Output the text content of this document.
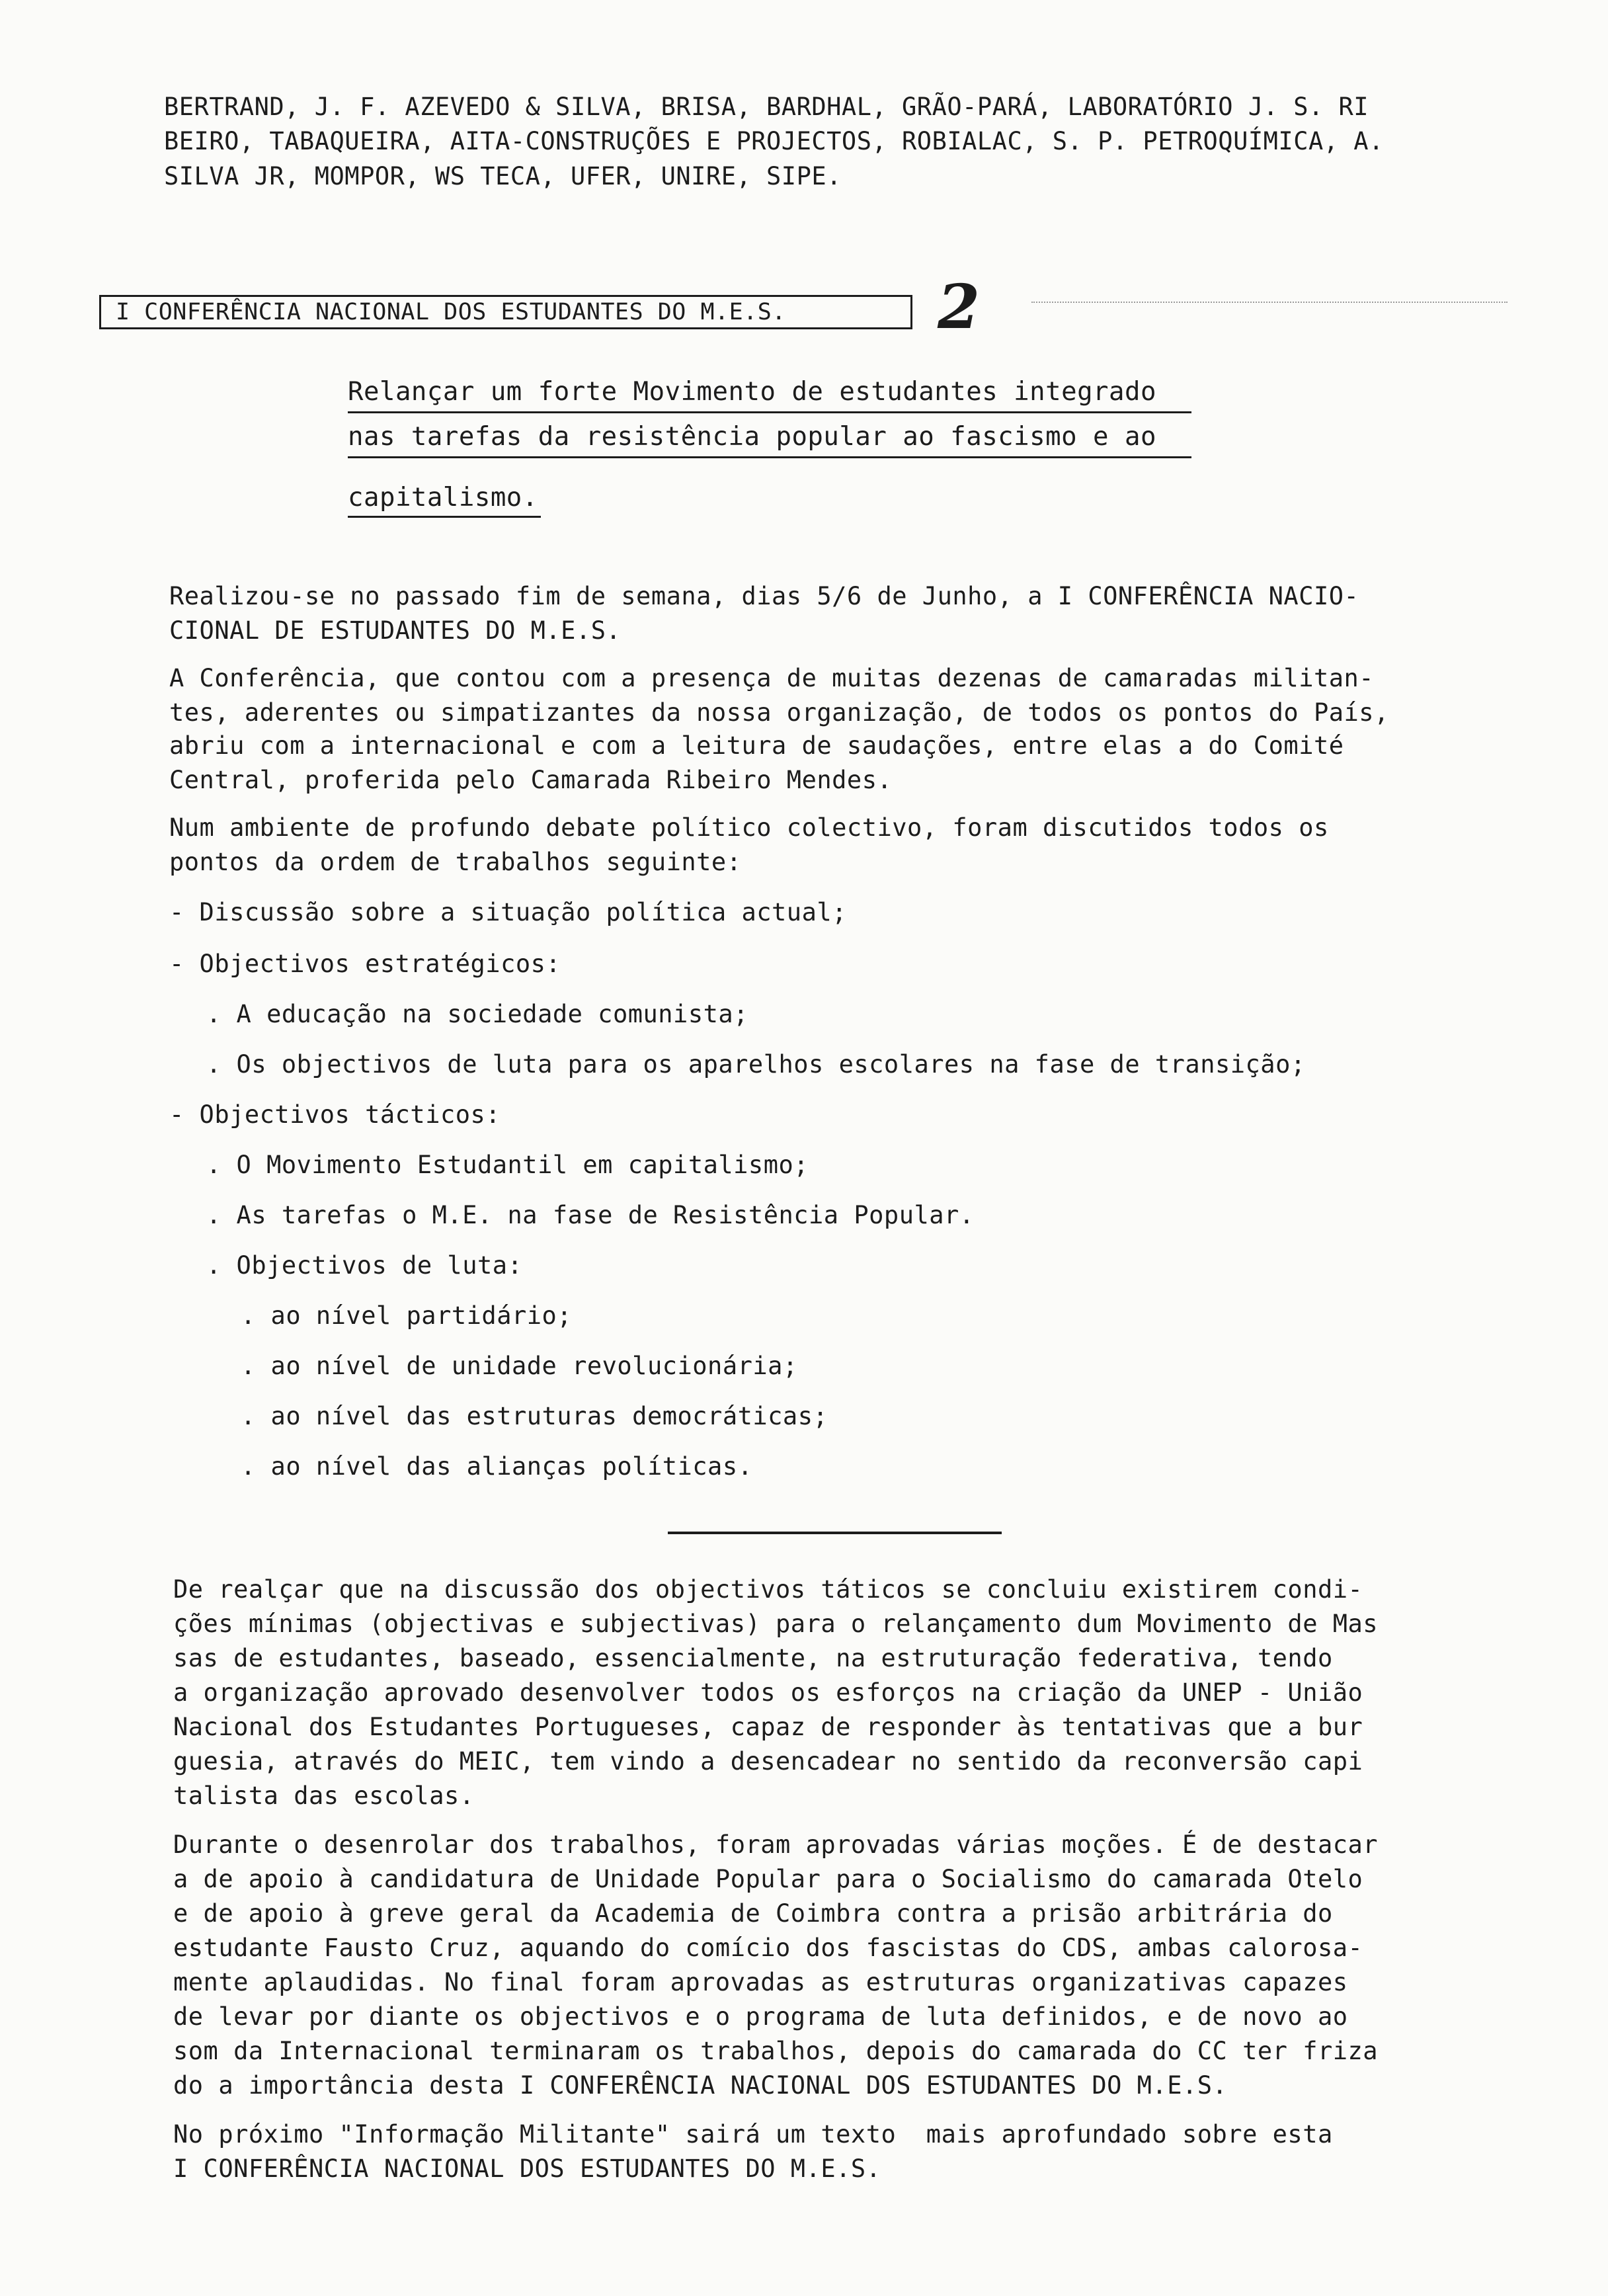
BERTRAND, J. F. AZEVEDO & SILVA, BRISA, BARDHAL, GRÃO-PARÁ, LABORATÓRIO J. S. RI
BEIRO, TABAQUEIRA, AITA-CONSTRUÇÕES E PROJECTOS, ROBIALAC, S. P. PETROQUÍMICA, A.
SILVA JR, MOMPOR, WS TECA, UFER, UNIRE, SIPE.
I CONFERÊNCIA NACIONAL DOS ESTUDANTES DO M.E.S.	2
Relançar um forte Movimento de estudantes integrado
nas tarefas da resistência popular ao fascismo e ao
capitalismo.
Realizou-se no passado fim de semana, dias 5/6 de Junho, a I CONFERÊNCIA NACIO-
CIONAL DE ESTUDANTES DO M.E.S.
A Conferência, que contou com a presença de muitas dezenas de camaradas militan-
tes, aderentes ou simpatizantes da nossa organização, de todos os pontos do País,
abriu com a internacional e com a leitura de saudações, entre elas a do Comité
Central, proferida pelo Camarada Ribeiro Mendes.
Num ambiente de profundo debate político colectivo, foram discutidos todos os
pontos da ordem de trabalhos seguinte:
- Discussão sobre a situação política actual;
- Objectivos estratégicos:
. A educação na sociedade comunista;
. Os objectivos de luta para os aparelhos escolares na fase de transição;
- Objectivos tácticos:
. O Movimento Estudantil em capitalismo;
. As tarefas o M.E. na fase de Resistência Popular.
. Objectivos de luta:
. ao nível partidário;
. ao nível de unidade revolucionária;
. ao nível das estruturas democráticas;
. ao nível das alianças políticas.
De realçar que na discussão dos objectivos táticos se concluiu existirem condi-
ções mínimas (objectivas e subjectivas) para o relançamento dum Movimento de Mas
sas de estudantes, baseado, essencialmente, na estruturação federativa, tendo
a organização aprovado desenvolver todos os esforços na criação da UNEP - União
Nacional dos Estudantes Portugueses, capaz de responder às tentativas que a bur
guesia, através do MEIC, tem vindo a desencadear no sentido da reconversão capi
talista das escolas.
Durante o desenrolar dos trabalhos, foram aprovadas várias moções. É de destacar
a de apoio à candidatura de Unidade Popular para o Socialismo do camarada Otelo
e de apoio à greve geral da Academia de Coimbra contra a prisão arbitrária do
estudante Fausto Cruz, aquando do comício dos fascistas do CDS, ambas calorosa-
mente aplaudidas. No final foram aprovadas as estruturas organizativas capazes
de levar por diante os objectivos e o programa de luta definidos, e de novo ao
som da Internacional terminaram os trabalhos, depois do camarada do CC ter friza
do a importância desta I CONFERÊNCIA NACIONAL DOS ESTUDANTES DO M.E.S.
No próximo "Informação Militante" sairá um texto  mais aprofundado sobre esta
I CONFERÊNCIA NACIONAL DOS ESTUDANTES DO M.E.S.
